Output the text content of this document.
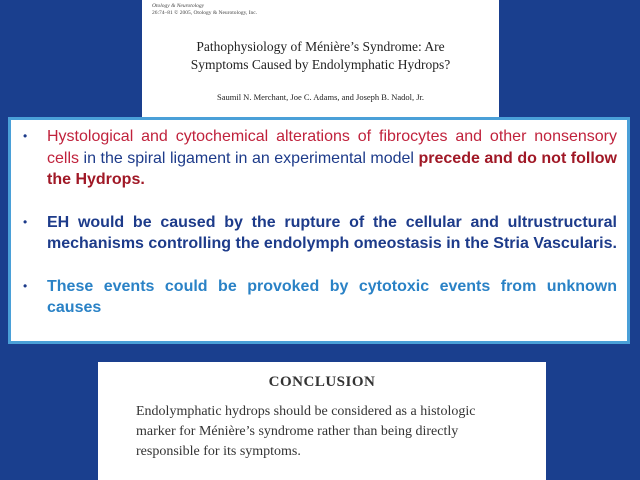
Otology & Neurotology
26:74–81 © 2005, Otology & Neurotology, Inc.
Pathophysiology of Ménière’s Syndrome: Are
Symptoms Caused by Endolymphatic Hydrops?
Saumil N. Merchant, Joe C. Adams, and Joseph B. Nadol, Jr.
• Hystological and cytochemical alterations of fibrocytes and other nonsensory cells in the spiral ligament in an experimental model precede and do not follow the Hydrops.
• EH would be caused by the rupture of the cellular and ultrustructural mechanisms controlling the endolymph omeostasis in the Stria Vascularis.
• These events could be provoked by cytotoxic events from unknown causes
CONCLUSION
Endolymphatic hydrops should be considered as a histologic marker for Ménière’s syndrome rather than being directly responsible for its symptoms.
